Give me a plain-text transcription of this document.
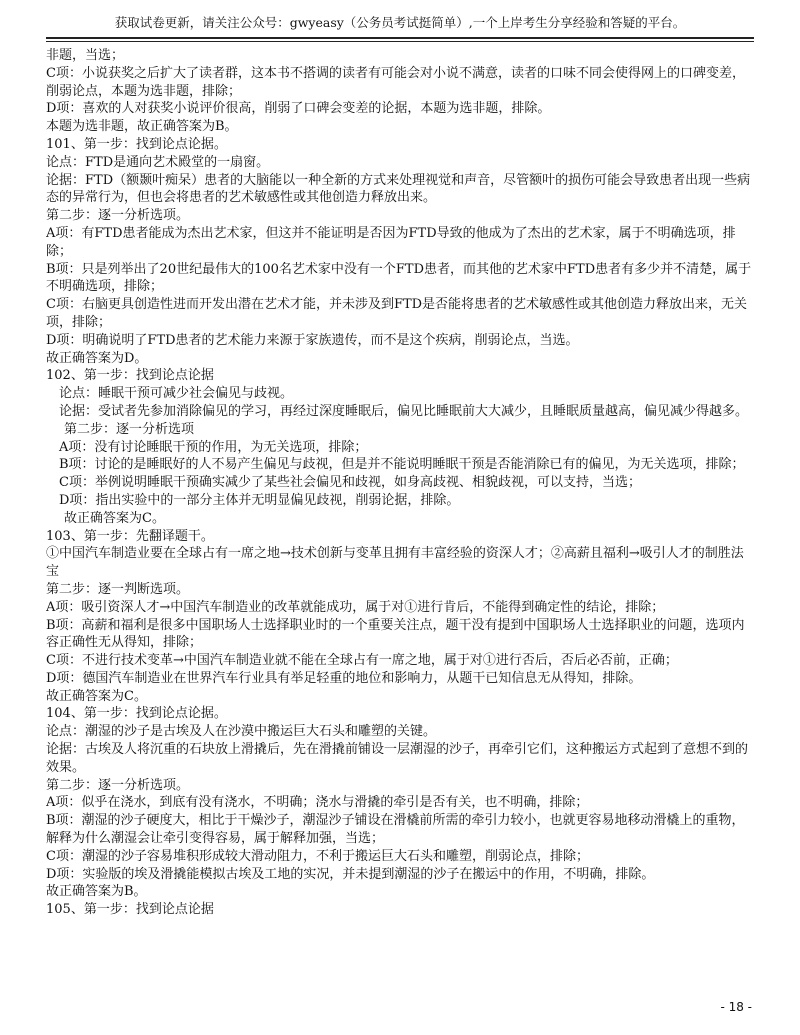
获取试卷更新，请关注公众号：gwyeasy（公务员考试挺简单）,一个上岸考生分享经验和答疑的平台。
非题，当选；
C项：小说获奖之后扩大了读者群，这本书不搭调的读者有可能会对小说不满意，读者的口味不同会使得网上的口碑变差，削弱论点，本题为选非题，排除；
D项：喜欢的人对获奖小说评价很高，削弱了口碑会变差的论据，本题为选非题，排除。
本题为选非题，故正确答案为B。
101、第一步：找到论点论据。
论点：FTD是通向艺术殿堂的一扇窗。
论据：FTD（额颞叶痴呆）患者的大脑能以一种全新的方式来处理视觉和声音，尽管额叶的损伤可能会导致患者出现一些病态的异常行为，但也会将患者的艺术敏感性或其他创造力释放出来。
第二步：逐一分析选项。
A项：有FTD患者能成为杰出艺术家，但这并不能证明是否因为FTD导致的他成为了杰出的艺术家，属于不明确选项，排除；
B项：只是列举出了20世纪最伟大的100名艺术家中没有一个FTD患者，而其他的艺术家中FTD患者有多少并不清楚，属于不明确选项，排除；
C项：右脑更具创造性进而开发出潜在艺术才能，并未涉及到FTD是否能将患者的艺术敏感性或其他创造力释放出来，无关项，排除；
D项：明确说明了FTD患者的艺术能力来源于家族遗传，而不是这个疾病，削弱论点，当选。
故正确答案为D。
102、第一步：找到论点论据
论点：睡眠干预可减少社会偏见与歧视。
论据：受试者先参加消除偏见的学习，再经过深度睡眠后，偏见比睡眠前大大减少，且睡眠质量越高，偏见减少得越多。
第二步：逐一分析选项
A项：没有讨论睡眠干预的作用，为无关选项，排除；
B项：讨论的是睡眠好的人不易产生偏见与歧视，但是并不能说明睡眠干预是否能消除已有的偏见，为无关选项，排除；
C项：举例说明睡眠干预确实减少了某些社会偏见和歧视，如身高歧视、相貌歧视，可以支持，当选；
D项：指出实验中的一部分主体并无明显偏见歧视，削弱论据，排除。
故正确答案为C。
103、第一步：先翻译题干。
①中国汽车制造业要在全球占有一席之地→技术创新与变革且拥有丰富经验的资深人才；②高薪且福利→吸引人才的制胜法宝
第二步：逐一判断选项。
A项：吸引资深人才→中国汽车制造业的改革就能成功，属于对①进行肯后，不能得到确定性的结论，排除；
B项：高薪和福利是很多中国职场人士选择职业时的一个重要关注点，题干没有提到中国职场人士选择职业的问题，选项内容正确性无从得知，排除；
C项：不进行技术变革→中国汽车制造业就不能在全球占有一席之地，属于对①进行否后，否后必否前，正确；
D项：德国汽车制造业在世界汽车行业具有举足轻重的地位和影响力，从题干已知信息无从得知，排除。
故正确答案为C。
104、第一步：找到论点论据。
论点：潮湿的沙子是古埃及人在沙漠中搬运巨大石头和雕塑的关键。
论据：古埃及人将沉重的石块放上滑撬后，先在滑撬前铺设一层潮湿的沙子，再牵引它们，这种搬运方式起到了意想不到的效果。
第二步：逐一分析选项。
A项：似乎在浇水，到底有没有浇水，不明确；浇水与滑撬的牵引是否有关，也不明确，排除；
B项：潮湿的沙子硬度大，相比于干燥沙子，潮湿沙子铺设在滑橇前所需的牵引力较小，也就更容易地移动滑橇上的重物，解释为什么潮湿会让牵引变得容易，属于解释加强，当选；
C项：潮湿的沙子容易堆积形成较大滑动阻力，不利于搬运巨大石头和雕塑，削弱论点，排除；
D项：实验版的埃及滑撬能模拟古埃及工地的实况，并未提到潮湿的沙子在搬运中的作用，不明确，排除。
故正确答案为B。
105、第一步：找到论点论据
- 18 -
